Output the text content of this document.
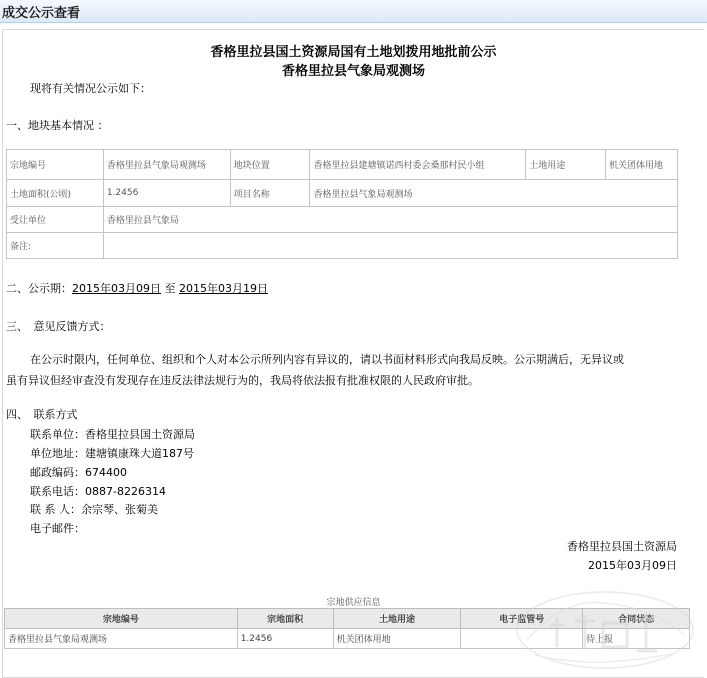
成交公示查看
香格里拉县国土资源局国有土地划拨用地批前公示
香格里拉县气象局观测场
现将有关情况公示如下：
一、地块基本情况 ：
宗地编号	香格里拉县气象局观测场	地块位置	香格里拉县建塘镇诺西村委会桑那村民小组	土地用途	机关团体用地
土地面积(公顷)	1.2456	项目名称	香格里拉县气象局观测场		
受让单位	香格里拉县气象局				
备注:					
二、公示期：2015年03月09日 至 2015年03月19日
三、　意见反馈方式：
在公示时限内，任何单位、组织和个人对本公示所列内容有异议的，请以书面材料形式向我局反映。公示期满后，无异议或
虽有异议但经审查没有发现存在违反法律法规行为的，我局将依法报有批准权限的人民政府审批。
四、　联系方式
联系单位：香格里拉县国土资源局
单位地址：建塘镇康珠大道187号
邮政编码：674400
联系电话：0887-8226314
联 系 人：余宗琴、张菊美
电子邮件：
香格里拉县国土资源局
2015年03月09日
宗地供应信息
宗地编号	宗地面积	土地用途	电子监管号	合同状态
香格里拉县气象局观测场	1.2456	机关团体用地		待上报
